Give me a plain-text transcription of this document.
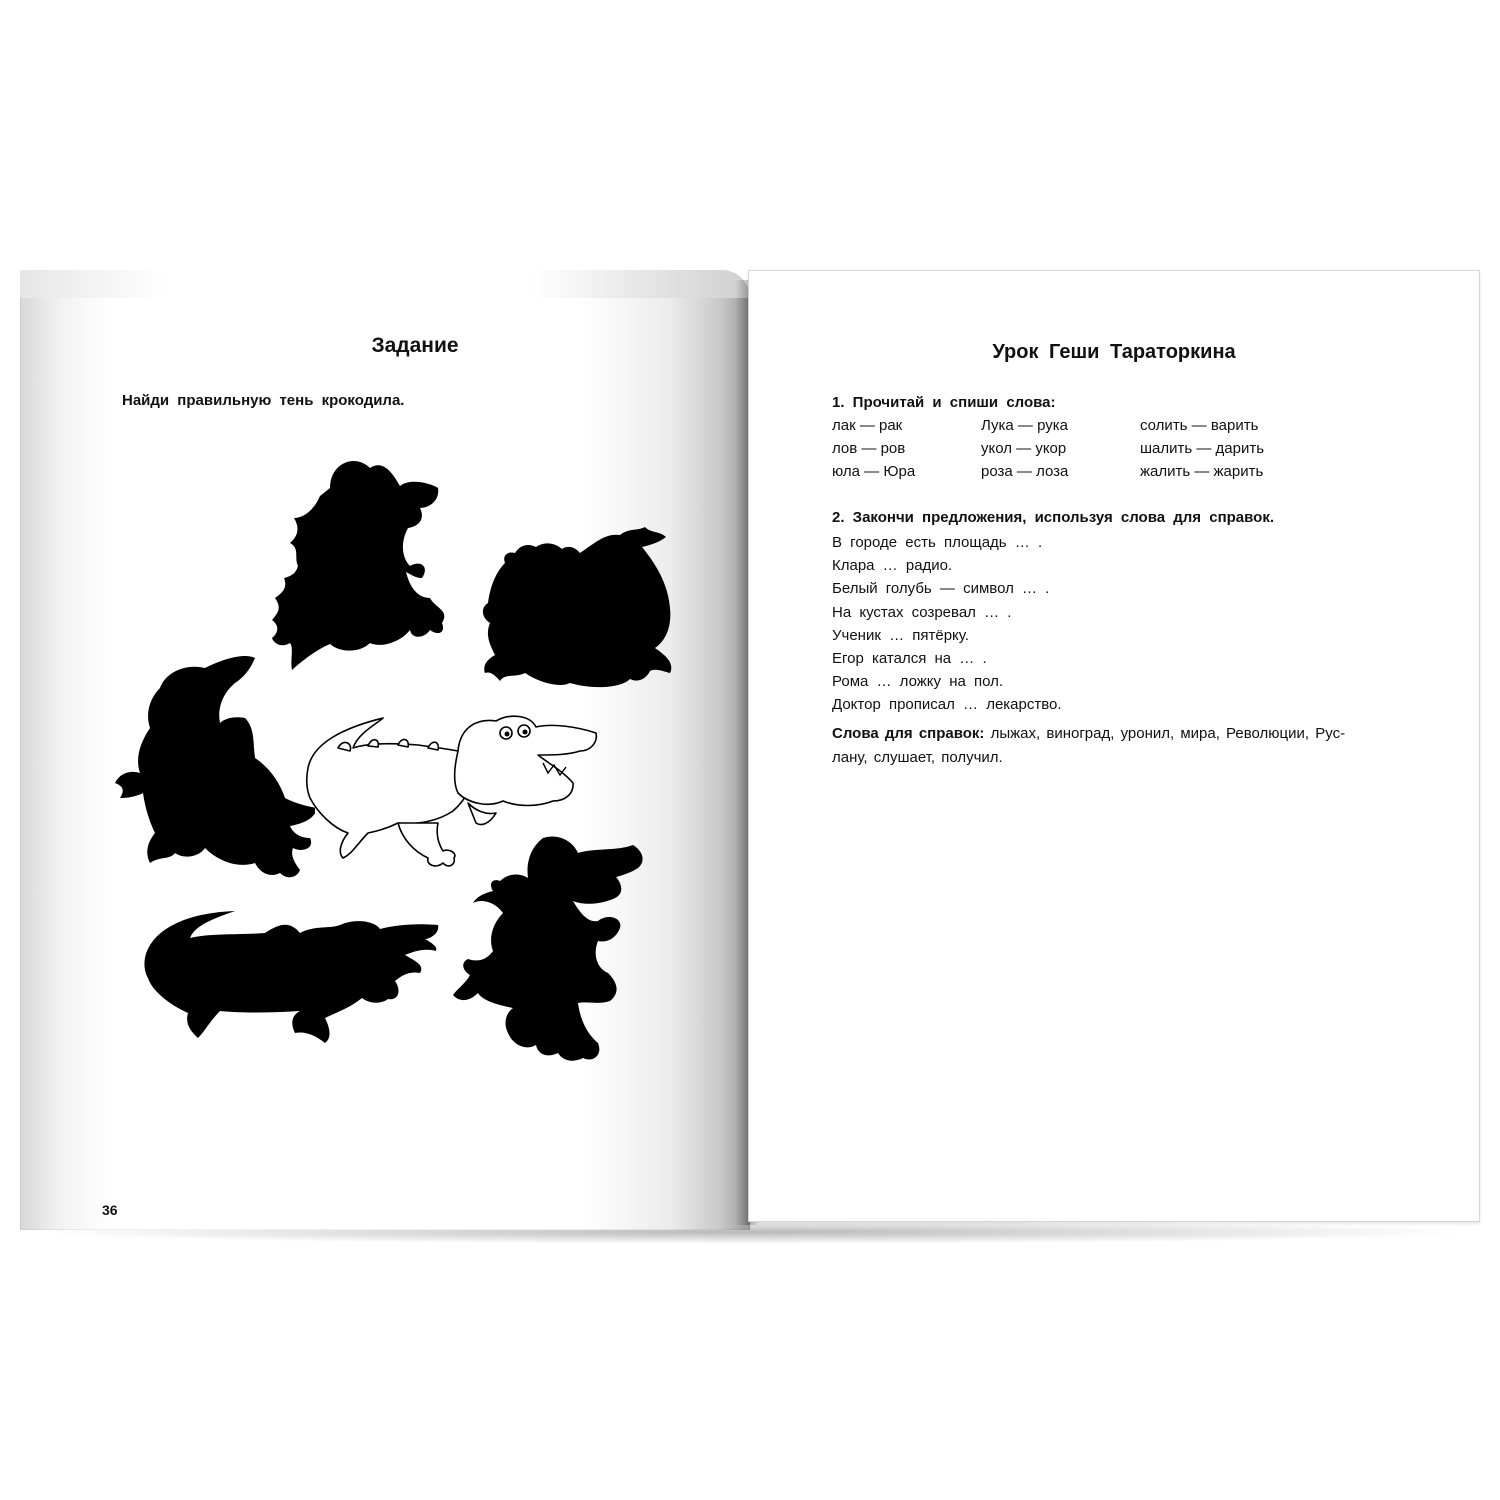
Задание
Найди правильную тень крокодила.
36
Урок Геши Тараторкина
1. Прочитай и спиши слова:
лак — рак
лов — ров
юла — Юра
Лука — рука
укол — укор
роза — лоза
солить — варить
шалить — дарить
жалить — жарить
2. Закончи предложения, используя слова для справок.
В городе есть площадь … .
Клара … радио.
Белый голубь — символ … .
На кустах созревал … .
Ученик … пятёрку.
Егор катался на … .
Рома … ложку на пол.
Доктор прописал … лекарство.
Слова для справок: лыжах, виноград, уронил, мира, Революции, Рус-
лану, слушает, получил.
